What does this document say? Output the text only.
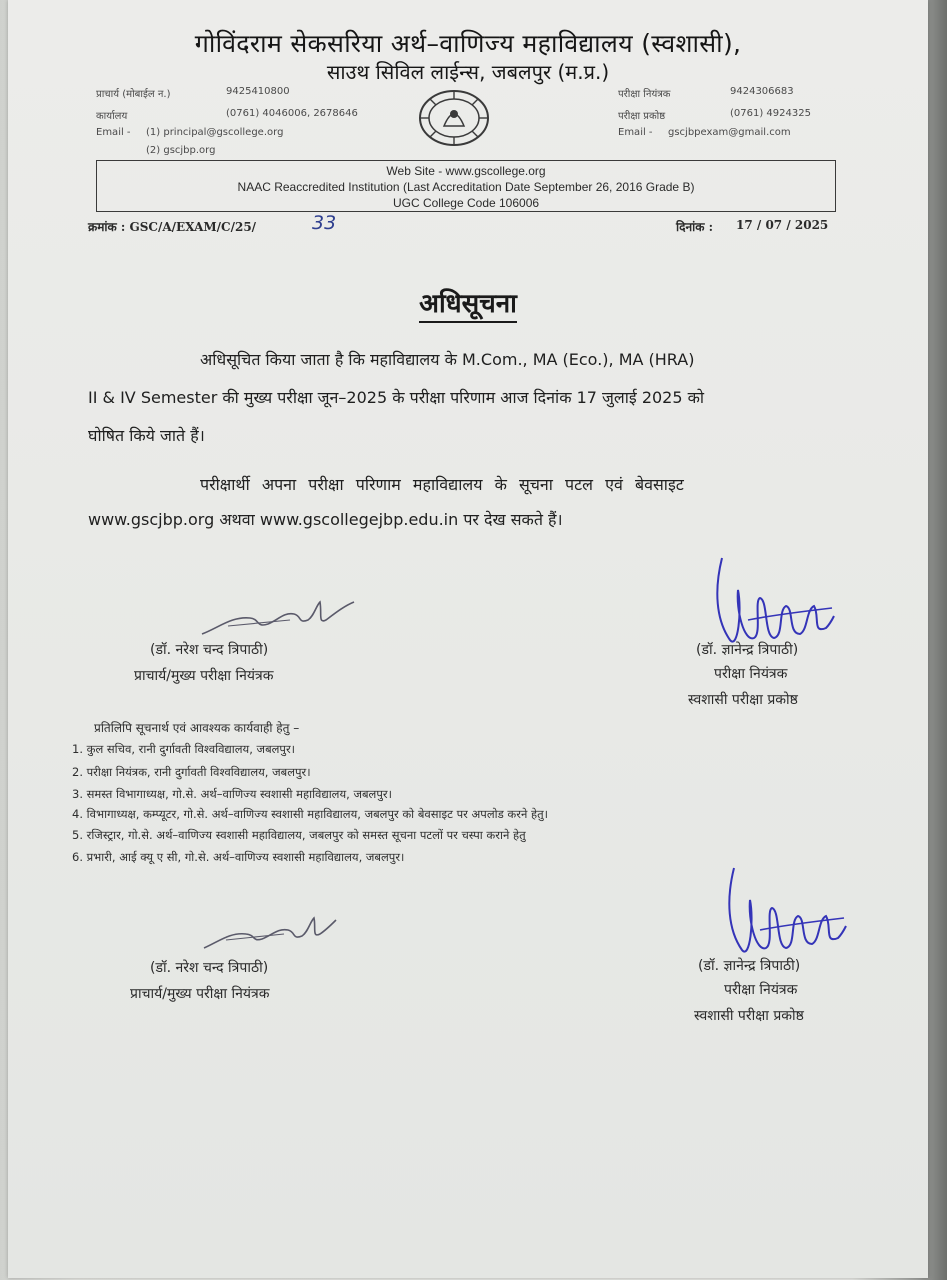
गोविंदराम सेकसरिया अर्थ–वाणिज्य महाविद्यालय (स्वशासी),
साउथ सिविल लाईन्स, जबलपुर (म.प्र.)
प्राचार्य (मोबाईल न.)	9425410800
कार्यालय	(0761) 4046006, 2678646
Email - (1) principal@gscollege.org
(2) gscjbp.org
परीक्षा नियंत्रक	9424306683
परीक्षा प्रकोष्ठ	(0761) 4924325
Email - gscjbpexam@gmail.com
Web Site - www.gscollege.org
NAAC Reaccredited Institution (Last Accreditation Date September 26, 2016 Grade B)
UGC College Code 106006
क्रमांक : GSC/A/EXAM/C/25/	33	दिनांक : 17 / 07 / 2025
अधिसूचना
अधिसूचित किया जाता है कि महाविद्यालय के M.Com., MA (Eco.), MA (HRA)
II & IV Semester की मुख्य परीक्षा जून–2025 के परीक्षा परिणाम आज दिनांक 17 जुलाई 2025 को
घोषित किये जाते हैं।
परीक्षार्थी अपना परीक्षा परिणाम महाविद्यालय के सूचना पटल एवं बेवसाइट
www.gscjbp.org अथवा www.gscollegejbp.edu.in पर देख सकते हैं।
(डॉ. नरेश चन्द त्रिपाठी)
प्राचार्य/मुख्य परीक्षा नियंत्रक
(डॉ. ज्ञानेन्द्र त्रिपाठी)
परीक्षा नियंत्रक
स्वशासी परीक्षा प्रकोष्ठ
प्रतिलिपि सूचनार्थ एवं आवश्यक कार्यवाही हेतु –
1. कुल सचिव, रानी दुर्गावती विश्वविद्यालय, जबलपुर।
2. परीक्षा नियंत्रक, रानी दुर्गावती विश्वविद्यालय, जबलपुर।
3. समस्त विभागाध्यक्ष, गो.से. अर्थ–वाणिज्य स्वशासी महाविद्यालय, जबलपुर।
4. विभागाध्यक्ष, कम्प्यूटर, गो.से. अर्थ–वाणिज्य स्वशासी महाविद्यालय, जबलपुर को बेवसाइट पर अपलोड करने हेतु।
5. रजिस्ट्रार, गो.से. अर्थ–वाणिज्य स्वशासी महाविद्यालय, जबलपुर को समस्त सूचना पटलों पर चस्पा कराने हेतु
6. प्रभारी, आई क्यू ए सी, गो.से. अर्थ–वाणिज्य स्वशासी महाविद्यालय, जबलपुर।
(डॉ. नरेश चन्द त्रिपाठी)
प्राचार्य/मुख्य परीक्षा नियंत्रक
(डॉ. ज्ञानेन्द्र त्रिपाठी)
परीक्षा नियंत्रक
स्वशासी परीक्षा प्रकोष्ठ
